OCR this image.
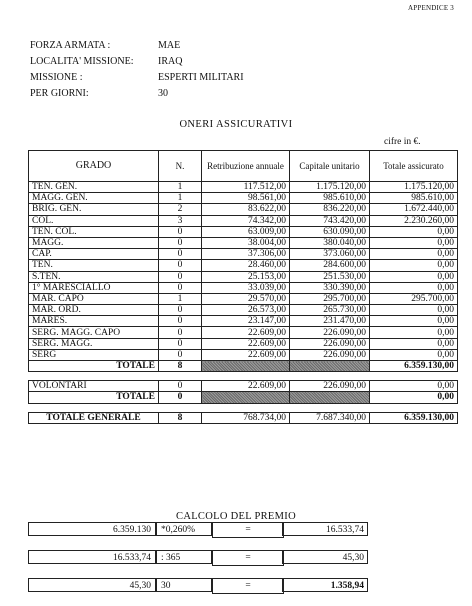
APPENDICE 3
FORZA ARMATA :	MAE
LOCALITA' MISSIONE:	IRAQ
MISSIONE :	ESPERTI MILITARI
PER GIORNI:	30
ONERI ASSICURATIVI
cifre in €.
GRADO	N.	Retribuzione annuale	Capitale unitario	Totale assicurato
TEN. GEN.	1	117.512,00	1.175.120,00	1.175.120,00
MAGG. GEN.	1	98.561,00	985.610,00	985.610,00
BRIG. GEN.	2	83.622,00	836.220,00	1.672.440,00
COL.	3	74.342,00	743.420,00	2.230.260,00
TEN. COL.	0	63.009,00	630.090,00	0,00
MAGG.	0	38.004,00	380.040,00	0,00
CAP.	0	37.306,00	373.060,00	0,00
TEN.	0	28.460,00	284.600,00	0,00
S.TEN.	0	25.153,00	251.530,00	0,00
1° MARESCIALLO	0	33.039,00	330.390,00	0,00
MAR. CAPO	1	29.570,00	295.700,00	295.700,00
MAR. ORD.	0	26.573,00	265.730,00	0,00
MARES.	0	23.147,00	231.470,00	0,00
SERG. MAGG. CAPO	0	22.609,00	226.090,00	0,00
SERG. MAGG.	0	22.609,00	226.090,00	0,00
SERG	0	22.609,00	226.090,00	0,00
TOTALE	8			6.359.130,00

VOLONTARI	0	22.609,00	226.090,00	0,00
TOTALE	0			0,00

TOTALE GENERALE	8	768.734,00	7.687.340,00	6.359.130,00
CALCOLO DEL PREMIO
6.359.130	*0,260%	=	16.533,74
16.533,74	: 365	=	45,30
45,30	30	=	1.358,94
